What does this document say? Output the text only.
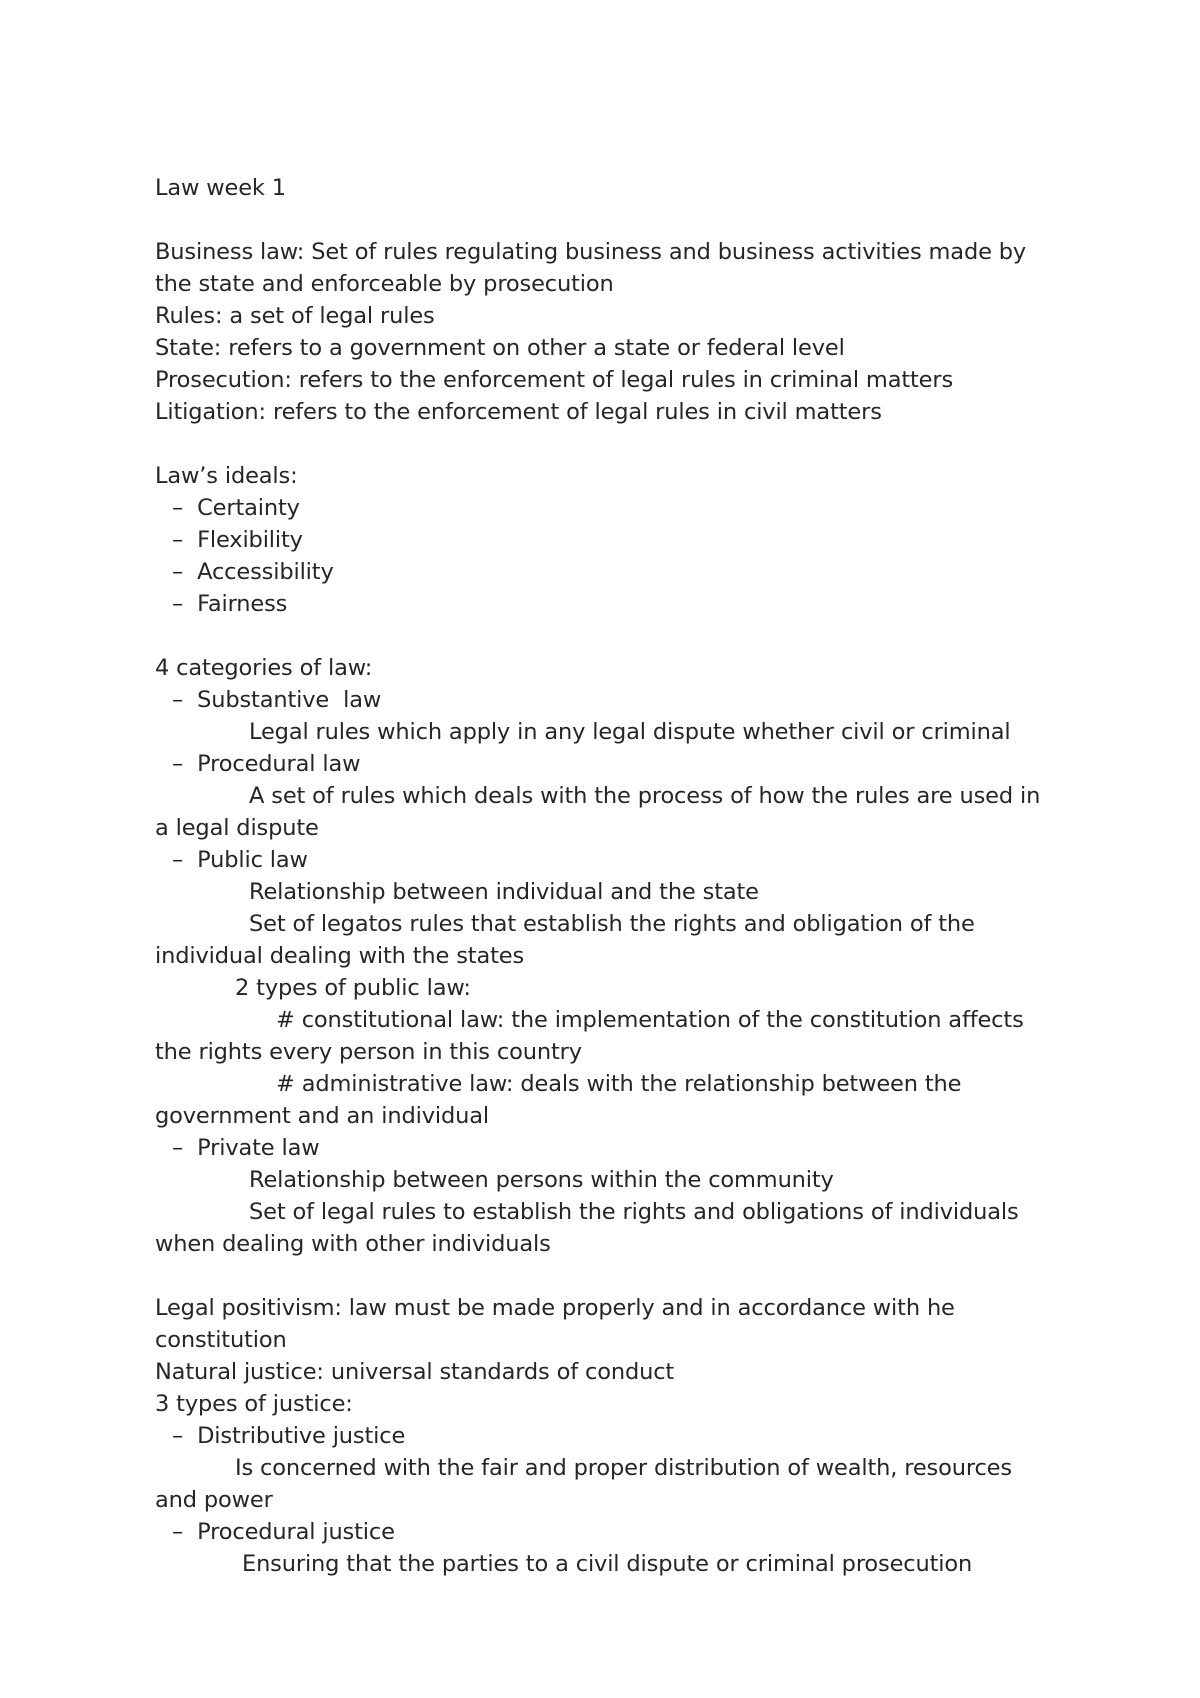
Law week 1
Business law: Set of rules regulating business and business activities made by
the state and enforceable by prosecution
Rules: a set of legal rules
State: refers to a government on other a state or federal level
Prosecution: refers to the enforcement of legal rules in criminal matters
Litigation: refers to the enforcement of legal rules in civil matters
Law’s ideals:
–  Certainty
–  Flexibility
–  Accessibility
–  Fairness
4 categories of law:
–  Substantive  law
Legal rules which apply in any legal dispute whether civil or criminal
–  Procedural law
A set of rules which deals with the process of how the rules are used in
a legal dispute
–  Public law
Relationship between individual and the state
Set of legatos rules that establish the rights and obligation of the
individual dealing with the states
2 types of public law:
# constitutional law: the implementation of the constitution affects
the rights every person in this country
# administrative law: deals with the relationship between the
government and an individual
–  Private law
Relationship between persons within the community
Set of legal rules to establish the rights and obligations of individuals
when dealing with other individuals
Legal positivism: law must be made properly and in accordance with he
constitution
Natural justice: universal standards of conduct
3 types of justice:
–  Distributive justice
Is concerned with the fair and proper distribution of wealth, resources
and power
–  Procedural justice
Ensuring that the parties to a civil dispute or criminal prosecution
